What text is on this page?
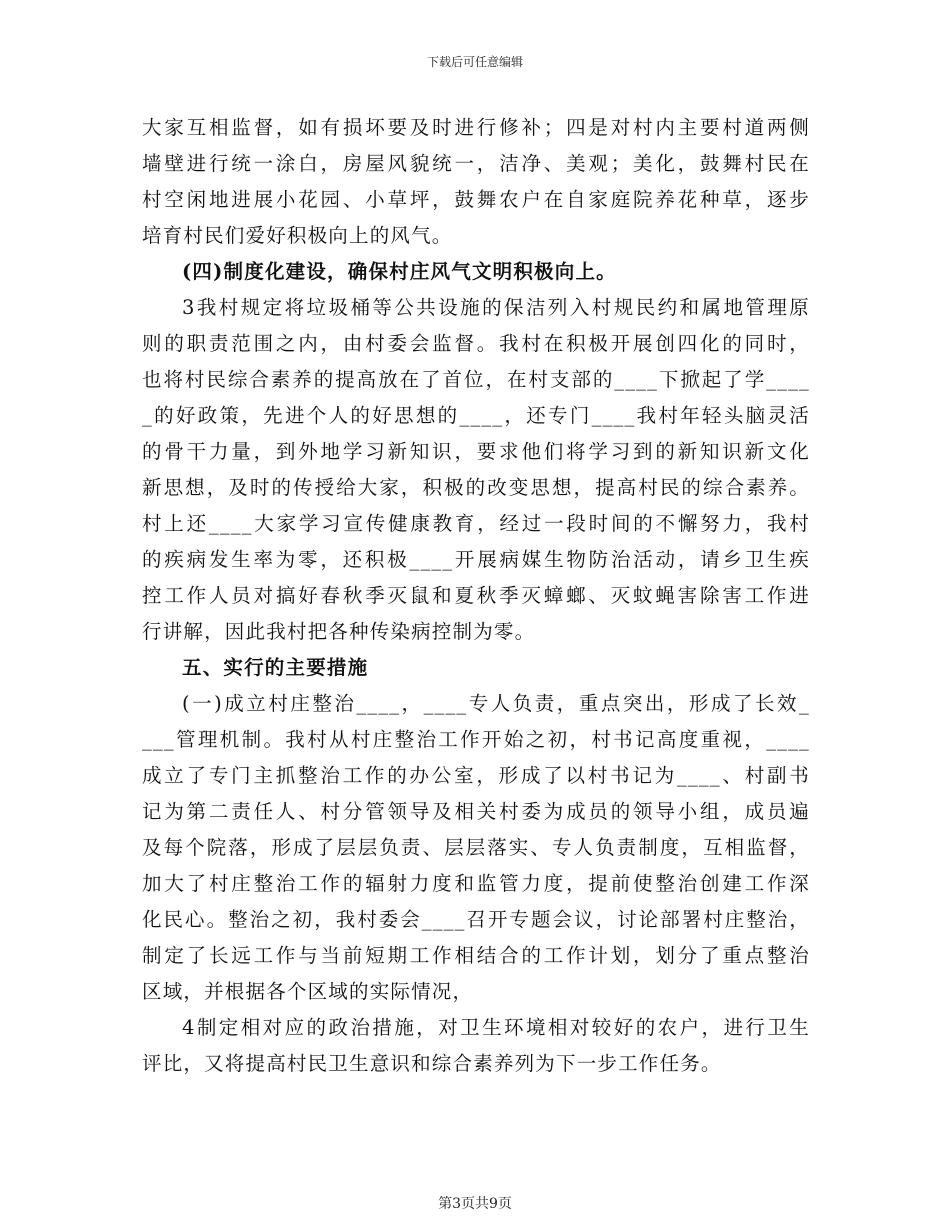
下载后可任意编辑
大家互相监督，如有损坏要及时进行修补；四是对村内主要村道两侧
墙壁进行统一涂白，房屋风貌统一，洁净、美观；美化，鼓舞村民在
村空闲地进展小花园、小草坪，鼓舞农户在自家庭院养花种草，逐步
培育村民们爱好积极向上的风气。
(四)制度化建设，确保村庄风气文明积极向上。
3我村规定将垃圾桶等公共设施的保洁列入村规民约和属地管理原
则的职责范围之内，由村委会监督。我村在积极开展创四化的同时，
也将村民综合素养的提高放在了首位，在村支部的____下掀起了学____
_的好政策，先进个人的好思想的____，还专门____我村年轻头脑灵活
的骨干力量，到外地学习新知识，要求他们将学习到的新知识新文化
新思想，及时的传授给大家，积极的改变思想，提高村民的综合素养。
村上还____大家学习宣传健康教育，经过一段时间的不懈努力，我村
的疾病发生率为零，还积极____开展病媒生物防治活动，请乡卫生疾
控工作人员对搞好春秋季灭鼠和夏秋季灭蟑螂、灭蚊蝇害除害工作进
行讲解，因此我村把各种传染病控制为零。
五、实行的主要措施
(一)成立村庄整治____，____专人负责，重点突出，形成了长效_
___管理机制。我村从村庄整治工作开始之初，村书记高度重视，____
成立了专门主抓整治工作的办公室，形成了以村书记为____、村副书
记为第二责任人、村分管领导及相关村委为成员的领导小组，成员遍
及每个院落，形成了层层负责、层层落实、专人负责制度，互相监督，
加大了村庄整治工作的辐射力度和监管力度，提前使整治创建工作深
化民心。整治之初，我村委会____召开专题会议，讨论部署村庄整治，
制定了长远工作与当前短期工作相结合的工作计划，划分了重点整治
区域，并根据各个区域的实际情况，
4制定相对应的政治措施，对卫生环境相对较好的农户，进行卫生
评比，又将提高村民卫生意识和综合素养列为下一步工作任务。
第3页共9页
